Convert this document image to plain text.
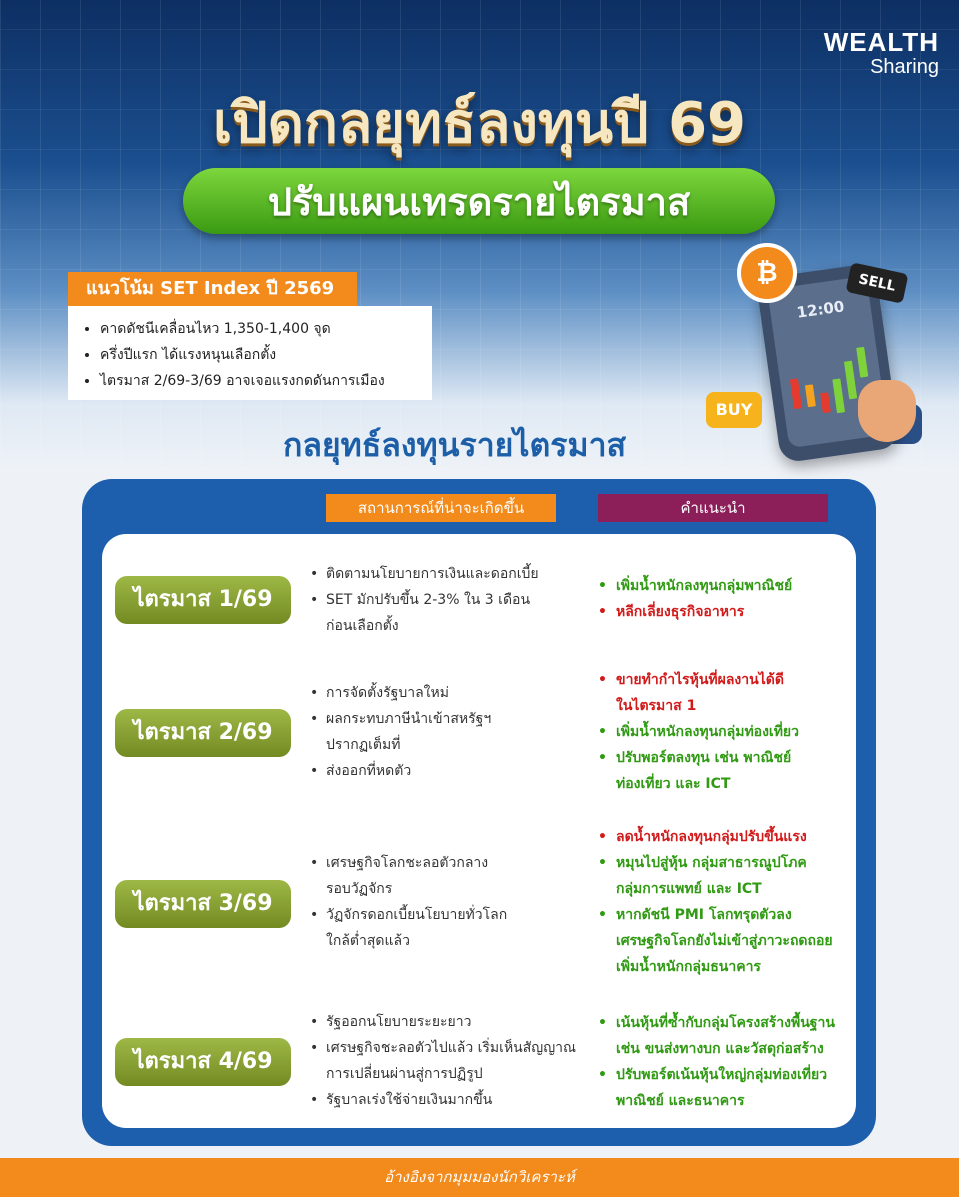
WEALTH
Sharing
เปิดกลยุทธ์ลงทุนปี 69
ปรับแผนเทรดรายไตรมาส
แนวโน้ม SET Index ปี 2569
• คาดดัชนีเคลื่อนไหว 1,350-1,400 จุด
• ครึ่งปีแรก ได้แรงหนุนเลือกตั้ง
• ไตรมาส 2/69-3/69 อาจเจอแรงกดดันการเมือง
12:00
₿	SELL
BUY
กลยุทธ์ลงทุนรายไตรมาส
สถานการณ์ที่น่าจะเกิดขึ้น	คำแนะนำ
ไตรมาส 1/69
• ติดตามนโยบายการเงินและดอกเบี้ย
• SET มักปรับขึ้น 2-3% ใน 3 เดือน ก่อนเลือกตั้ง
• เพิ่มน้ำหนักลงทุนกลุ่มพาณิชย์
• หลีกเลี่ยงธุรกิจอาหาร
ไตรมาส 2/69
• การจัดตั้งรัฐบาลใหม่
• ผลกระทบภาษีนำเข้าสหรัฐฯ ปรากฏเต็มที่
• ส่งออกที่หดตัว
• ขายทำกำไรหุ้นที่ผลงานได้ดีในไตรมาส 1
• เพิ่มน้ำหนักลงทุนกลุ่มท่องเที่ยว
• ปรับพอร์ตลงทุน เช่น พาณิชย์ ท่องเที่ยว และ ICT
ไตรมาส 3/69
• เศรษฐกิจโลกชะลอตัวกลางรอบวัฏจักร
• วัฏจักรดอกเบี้ยนโยบายทั่วโลก ใกล้ต่ำสุดแล้ว
• ลดน้ำหนักลงทุนกลุ่มปรับขึ้นแรง
• หมุนไปสู่หุ้น กลุ่มสาธารณูปโภค กลุ่มการแพทย์ และ ICT
• หากดัชนี PMI โลกทรุดตัวลง เศรษฐกิจโลกยังไม่เข้าสู่ภาวะถดถอย เพิ่มน้ำหนักกลุ่มธนาคาร
ไตรมาส 4/69
• รัฐออกนโยบายระยะยาว
• เศรษฐกิจชะลอตัวไปแล้ว เริ่มเห็นสัญญาณ การเปลี่ยนผ่านสู่การปฏิรูป
• รัฐบาลเร่งใช้จ่ายเงินมากขึ้น
• เน้นหุ้นที่ซ้ำกับกลุ่มโครงสร้างพื้นฐาน เช่น ขนส่งทางบก และวัสดุก่อสร้าง
• ปรับพอร์ตเน้นหุ้นใหญ่กลุ่มท่องเที่ยว พาณิชย์ และธนาคาร
อ้างอิงจากมุมมองนักวิเคราะห์
